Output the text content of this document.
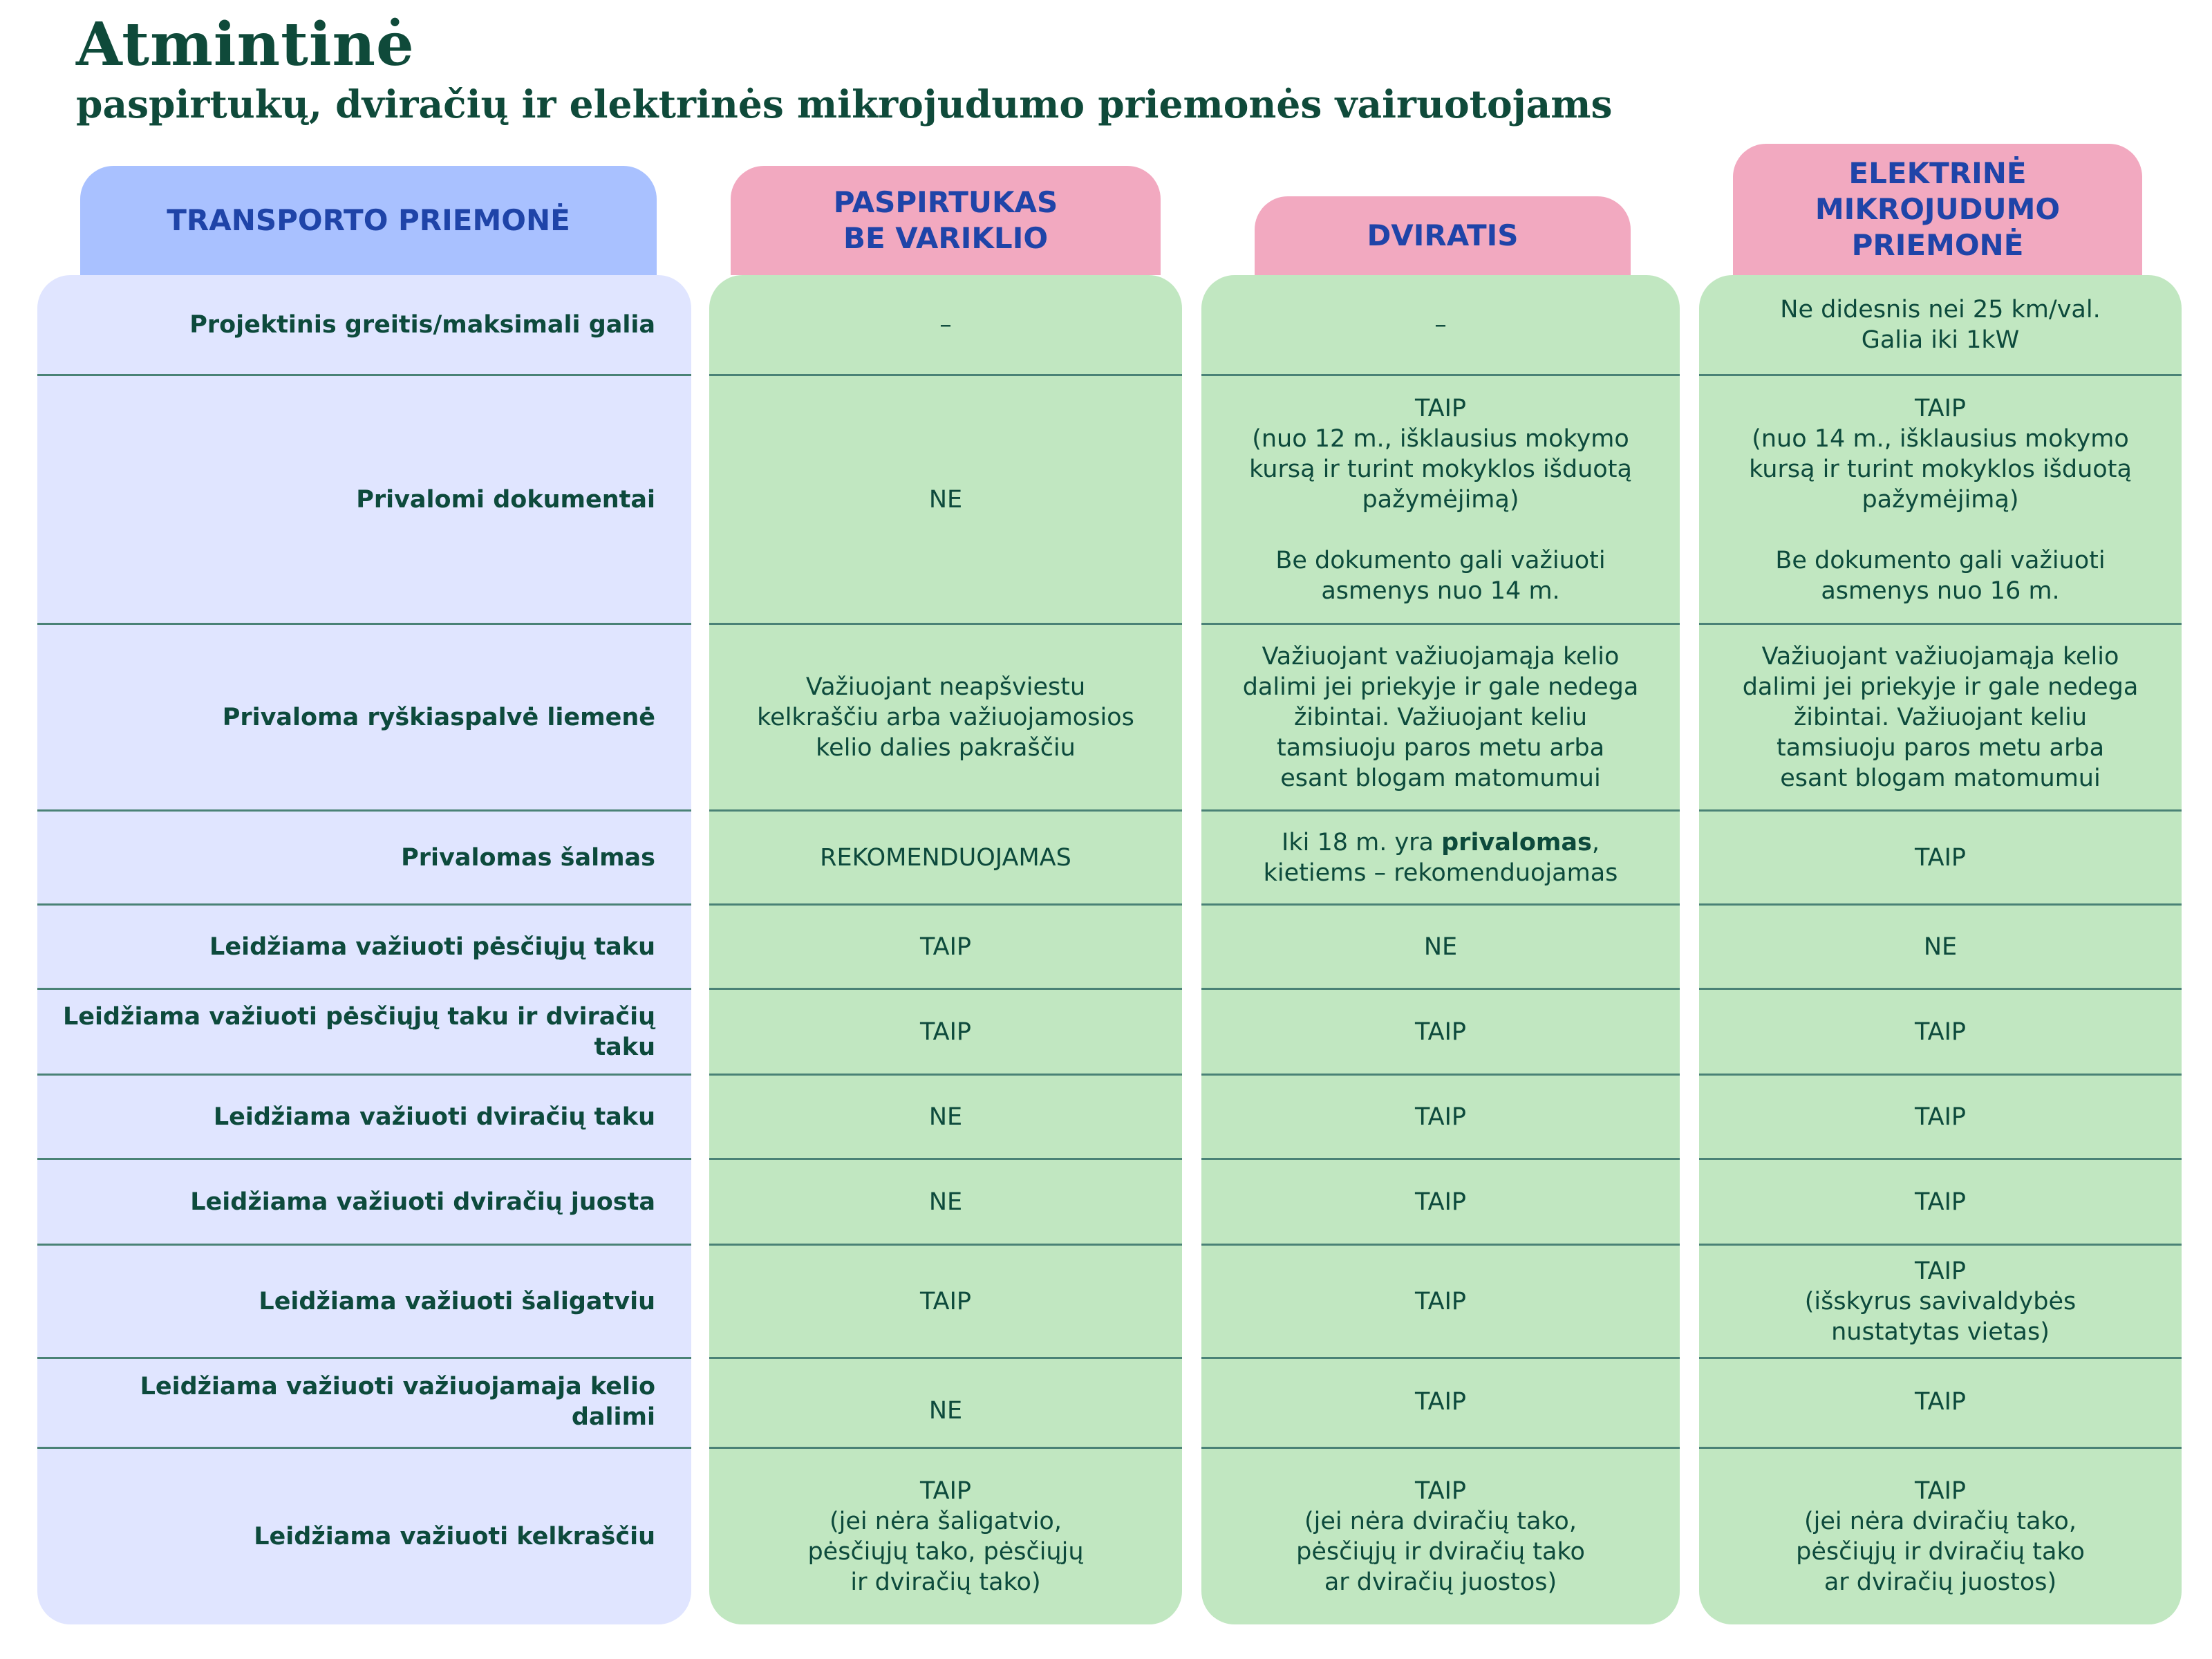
Atmintinė
paspirtukų, dviračių ir elektrinės mikrojudumo priemonės vairuotojams
TRANSPORTO PRIEMONĖ
PASPIRTUKAS
BE VARIKLIO	DVIRATIS
ELEKTRINĖ
MIKROJUDUMO
PRIEMONĖ
Projektinis greitis/maksimali galia
Privalomi dokumentai
Privaloma ryškiaspalvė liemenė
Privalomas šalmas
Leidžiama važiuoti pėsčiųjų taku
Leidžiama važiuoti pėsčiųjų taku ir dviračių taku
Leidžiama važiuoti dviračių taku
Leidžiama važiuoti dviračių juosta
Leidžiama važiuoti šaligatviu
Leidžiama važiuoti važiuojamaja kelio dalimi
Leidžiama važiuoti kelkraščiu
–
NE
Važiuojant neapšviestu
kelkraščiu arba važiuojamosios
kelio dalies pakraščiu
REKOMENDUOJAMAS
TAIP
TAIP
NE
NE
TAIP
NE
TAIP
(jei nėra šaligatvio,
pėsčiųjų tako, pėsčiųjų
ir dviračių tako)
–
TAIP
(nuo 12 m., išklausius mokymo
kursą ir turint mokyklos išduotą
pažymėjimą)

Be dokumento gali važiuoti
asmenys nuo 14 m.
Važiuojant važiuojamąja kelio
dalimi jei priekyje ir gale nedega
žibintai. Važiuojant keliu
tamsiuoju paros metu arba
esant blogam matomumui
Iki 18 m. yra privalomas,
kietiems – rekomenduojamas
NE
TAIP
TAIP
TAIP
TAIP
TAIP
TAIP
(jei nėra dviračių tako,
pėsčiųjų ir dviračių tako
ar dviračių juostos)
Ne didesnis nei 25 km/val.
Galia iki 1kW
TAIP
(nuo 14 m., išklausius mokymo
kursą ir turint mokyklos išduotą
pažymėjimą)

Be dokumento gali važiuoti
asmenys nuo 16 m.
Važiuojant važiuojamąja kelio
dalimi jei priekyje ir gale nedega
žibintai. Važiuojant keliu
tamsiuoju paros metu arba
esant blogam matomumui
TAIP
NE
TAIP
TAIP
TAIP
TAIP
(išskyrus savivaldybės
nustatytas vietas)
TAIP
TAIP
(jei nėra dviračių tako,
pėsčiųjų ir dviračių tako
ar dviračių juostos)
